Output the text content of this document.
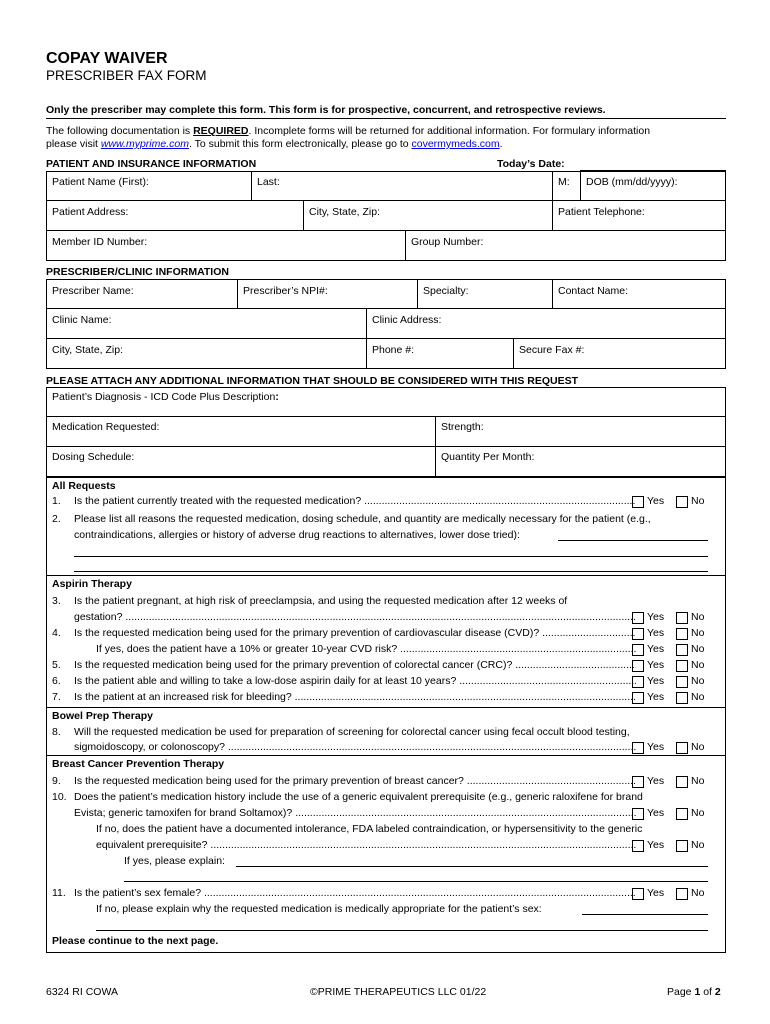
COPAY WAIVER
PRESCRIBER FAX FORM
Only the prescriber may complete this form. This form is for prospective, concurrent, and retrospective reviews.
The following documentation is REQUIRED. Incomplete forms will be returned for additional information. For formulary information
please visit www.myprime.com. To submit this form electronically, please go to covermymeds.com.
PATIENT AND INSURANCE INFORMATION	Today’s Date:
Patient Name (First):	Last:	M: DOB (mm/dd/yyyy):
Patient Address:	City, State, Zip:	Patient Telephone:
Member ID Number:	Group Number:
PRESCRIBER/CLINIC INFORMATION
Prescriber Name:	Prescriber’s NPI#:	Specialty:	Contact Name:
Clinic Name:	Clinic Address:
City, State, Zip:	Phone #:	Secure Fax #:
PLEASE ATTACH ANY ADDITIONAL INFORMATION THAT SHOULD BE CONSIDERED WITH THIS REQUEST
Patient’s Diagnosis - ICD Code Plus Description:
Medication Requested:	Strength:
Dosing Schedule:	Quantity Per Month:
All Requests
1. Is the patient currently treated with the requested medication? .....	Yes	No
2. Please list all reasons the requested medication, dosing schedule, and quantity are medically necessary for the patient (e.g.,
contraindications, allergies or history of adverse drug reactions to alternatives, lower dose tried):
Aspirin Therapy
3. Is the patient pregnant, at high risk of preeclampsia, and using the requested medication after 12 weeks of
gestation? .....	Yes	No
4. Is the requested medication being used for the primary prevention of cardiovascular disease (CVD)? .....	Yes	No
If yes, does the patient have a 10% or greater 10-year CVD risk? .....	Yes	No
5. Is the requested medication being used for the primary prevention of colorectal cancer (CRC)? .....	Yes	No
6. Is the patient able and willing to take a low-dose aspirin daily for at least 10 years? .....	Yes	No
7. Is the patient at an increased risk for bleeding? .....	Yes	No
Bowel Prep Therapy
8. Will the requested medication be used for preparation of screening for colorectal cancer using fecal occult blood testing,
sigmoidoscopy, or colonoscopy? .....	Yes	No
Breast Cancer Prevention Therapy
9. Is the requested medication being used for the primary prevention of breast cancer? .....	Yes	No
10. Does the patient’s medication history include the use of a generic equivalent prerequisite (e.g., generic raloxifene for brand
Evista; generic tamoxifen for brand Soltamox)? .....	Yes	No
If no, does the patient have a documented intolerance, FDA labeled contraindication, or hypersensitivity to the generic
equivalent prerequisite? .....	Yes	No
If yes, please explain:
11. Is the patient’s sex female? .....	Yes	No
If no, please explain why the requested medication is medically appropriate for the patient’s sex:
Please continue to the next page.
6324 RI COWA	©PRIME THERAPEUTICS LLC 01/22	Page 1 of 2
